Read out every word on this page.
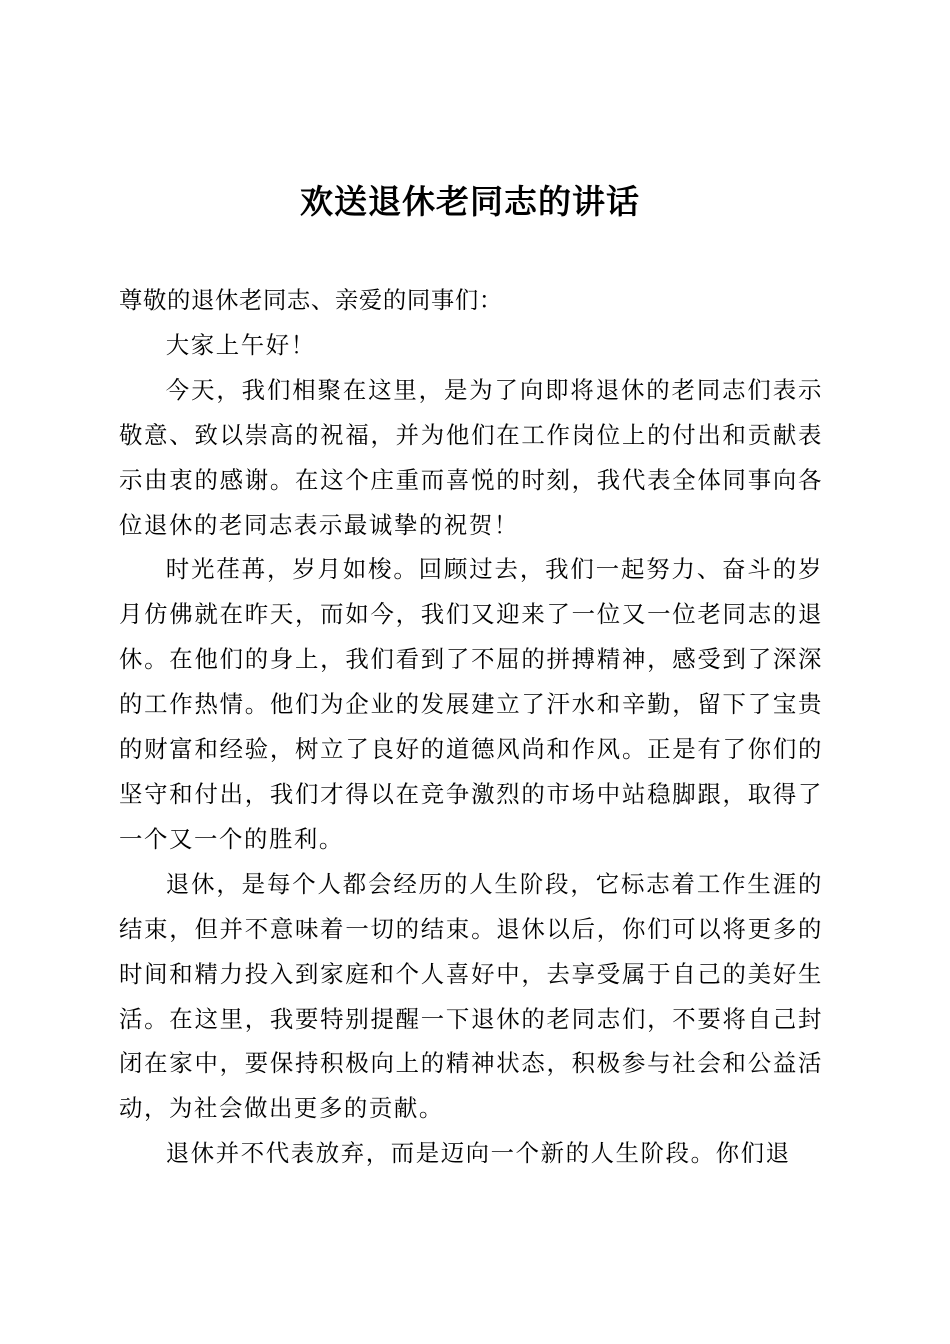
欢送退休老同志的讲话

尊敬的退休老同志、亲爱的同事们：

大家上午好！

今天，我们相聚在这里，是为了向即将退休的老同志们表示敬意、致以崇高的祝福，并为他们在工作岗位上的付出和贡献表示由衷的感谢。在这个庄重而喜悦的时刻，我代表全体同事向各位退休的老同志表示最诚挚的祝贺！

时光荏苒，岁月如梭。回顾过去，我们一起努力、奋斗的岁月仿佛就在昨天，而如今，我们又迎来了一位又一位老同志的退休。在他们的身上，我们看到了不屈的拼搏精神，感受到了深深的工作热情。他们为企业的发展建立了汗水和辛勤，留下了宝贵的财富和经验，树立了良好的道德风尚和作风。正是有了你们的坚守和付出，我们才得以在竞争激烈的市场中站稳脚跟，取得了一个又一个的胜利。

退休，是每个人都会经历的人生阶段，它标志着工作生涯的结束，但并不意味着一切的结束。退休以后，你们可以将更多的时间和精力投入到家庭和个人喜好中，去享受属于自己的美好生活。在这里，我要特别提醒一下退休的老同志们，不要将自己封闭在家中，要保持积极向上的精神状态，积极参与社会和公益活动，为社会做出更多的贡献。

退休并不代表放弃，而是迈向一个新的人生阶段。你们退
